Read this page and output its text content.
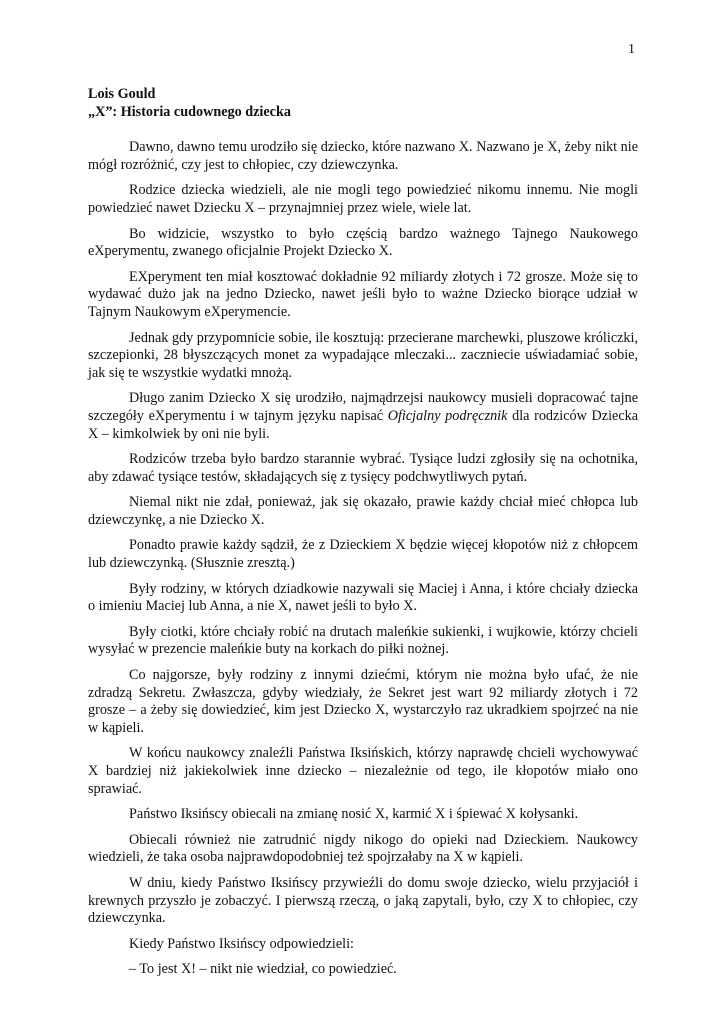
1

Lois Gould

„X”: Historia cudownego dziecka

Dawno, dawno temu urodziło się dziecko, które nazwano X. Nazwano je X, żeby nikt nie mógł rozróżnić, czy jest to chłopiec, czy dziewczynka.

Rodzice dziecka wiedzieli, ale nie mogli tego powiedzieć nikomu innemu. Nie mogli powiedzieć nawet Dziecku X – przynajmniej przez wiele, wiele lat.

Bo widzicie, wszystko to było częścią bardzo ważnego Tajnego Naukowego eXperymentu, zwanego oficjalnie Projekt Dziecko X.

EXperyment ten miał kosztować dokładnie 92 miliardy złotych i 72 grosze. Może się to wydawać dużo jak na jedno Dziecko, nawet jeśli było to ważne Dziecko biorące udział w Tajnym Naukowym eXperymencie.

Jednak gdy przypomnicie sobie, ile kosztują: przecierane marchewki, pluszowe króliczki, szczepionki, 28 błyszczących monet za wypadające mleczaki... zaczniecie uświadamiać sobie, jak się te wszystkie wydatki mnożą.

Długo zanim Dziecko X się urodziło, najmądrzejsi naukowcy musieli dopracować tajne szczegóły eXperymentu i w tajnym języku napisać Oficjalny podręcznik dla rodziców Dziecka X – kimkolwiek by oni nie byli.

Rodziców trzeba było bardzo starannie wybrać. Tysiące ludzi zgłosiły się na ochotnika, aby zdawać tysiące testów, składających się z tysięcy podchwytliwych pytań.

Niemal nikt nie zdał, ponieważ, jak się okazało, prawie każdy chciał mieć chłopca lub dziewczynkę, a nie Dziecko X.

Ponadto prawie każdy sądził, że z Dzieckiem X będzie więcej kłopotów niż z chłopcem lub dziewczynką. (Słusznie zresztą.)

Były rodziny, w których dziadkowie nazywali się Maciej i Anna, i które chciały dziecka o imieniu Maciej lub Anna, a nie X, nawet jeśli to było X.

Były ciotki, które chciały robić na drutach maleńkie sukienki, i wujkowie, którzy chcieli wysyłać w prezencie maleńkie buty na korkach do piłki nożnej.

Co najgorsze, były rodziny z innymi dziećmi, którym nie można było ufać, że nie zdradzą Sekretu. Zwłaszcza, gdyby wiedziały, że Sekret jest wart 92 miliardy złotych i 72 grosze – a żeby się dowiedzieć, kim jest Dziecko X, wystarczyło raz ukradkiem spojrzeć na nie w kąpieli.

W końcu naukowcy znaleźli Państwa Iksińskich, którzy naprawdę chcieli wychowywać X bardziej niż jakiekolwiek inne dziecko – niezależnie od tego, ile kłopotów miało ono sprawiać.

Państwo Iksińscy obiecali na zmianę nosić X, karmić X i śpiewać X kołysanki.

Obiecali również nie zatrudnić nigdy nikogo do opieki nad Dzieckiem. Naukowcy wiedzieli, że taka osoba najprawdopodobniej też spojrzałaby na X w kąpieli.

W dniu, kiedy Państwo Iksińscy przywieźli do domu swoje dziecko, wielu przyjaciół i krewnych przyszło je zobaczyć. I pierwszą rzeczą, o jaką zapytali, było, czy X to chłopiec, czy dziewczynka.

Kiedy Państwo Iksińscy odpowiedzieli:

– To jest X! – nikt nie wiedział, co powiedzieć.
